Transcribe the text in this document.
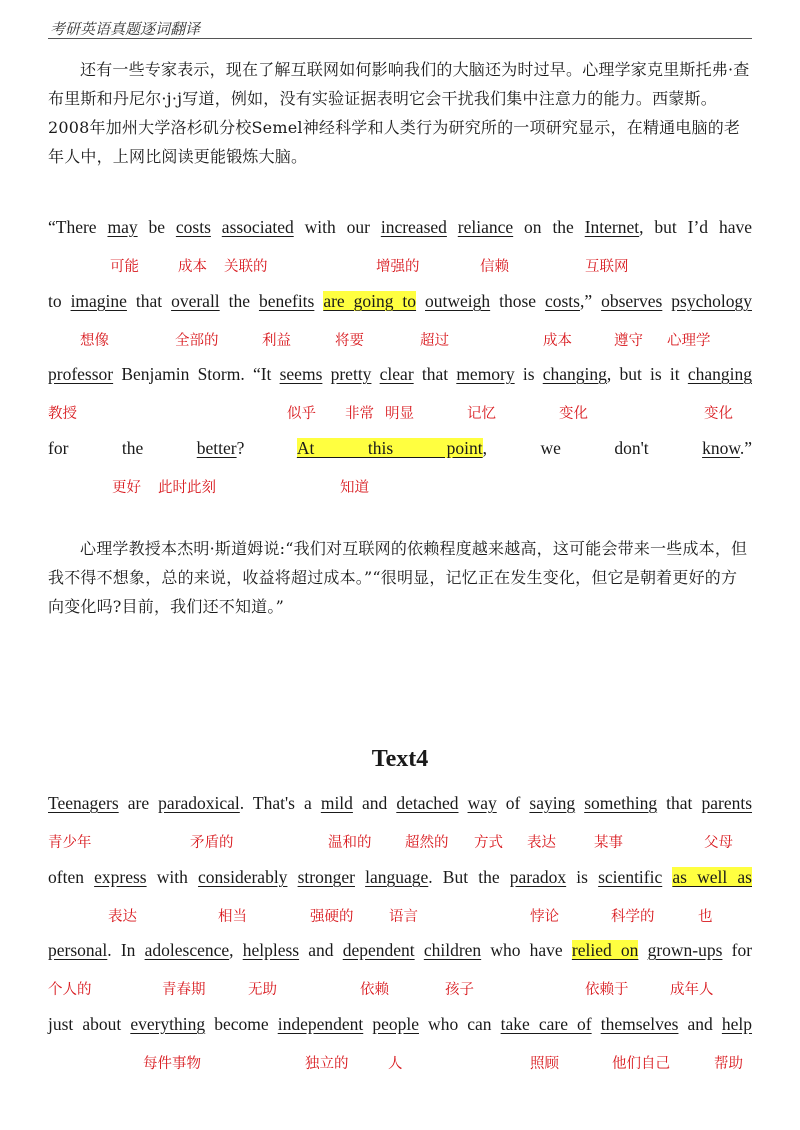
考研英语真题逐词翻译
还有一些专家表示，现在了解互联网如何影响我们的大脑还为时过早。心理学家克里斯托弗·查布里斯和丹尼尔·j·j写道，例如，没有实验证据表明它会干扰我们集中注意力的能力。西蒙斯。2008年加州大学洛杉矶分校Semel神经科学和人类行为研究所的一项研究显示，在精通电脑的老年人中，上网比阅读更能锻炼大脑。
“There may be costs associated with our increased reliance on the Internet, but I’d have
可能	成本 关联的	增强的	信赖	互联网
to imagine that overall the benefits are going to outweigh those costs,” observes psychology
想像	全部的	利益	将要	超过	成本	遵守 心理学
professor Benjamin Storm. “It seems pretty clear that memory is changing, but is it changing
教授	似乎 非常 明显	记忆	变化	变化
for the better? At this point, we don't know.”
更好 此时此刻	知道
心理学教授本杰明·斯道姆说:“我们对互联网的依赖程度越来越高，这可能会带来一些成本，但我不得不想象，总的来说，收益将超过成本。”“很明显，记忆正在发生变化，但它是朝着更好的方向变化吗?目前，我们还不知道。”
Text4
Teenagers are paradoxical. That's a mild and detached way of saying something that parents
青少年	矛盾的	温和的 超然的 方式 表达	某事	父母
often express with considerably stronger language. But the paradox is scientific as well as
表达	相当	强硬的 语言	悖论	科学的	也
personal. In adolescence, helpless and dependent children who have relied on grown-ups for
个人的	青春期	无助	依赖	孩子	依赖于	成年人
just about everything become independent people who can take care of themselves and help
每件事物	独立的	人	照顾	他们自己	帮助
